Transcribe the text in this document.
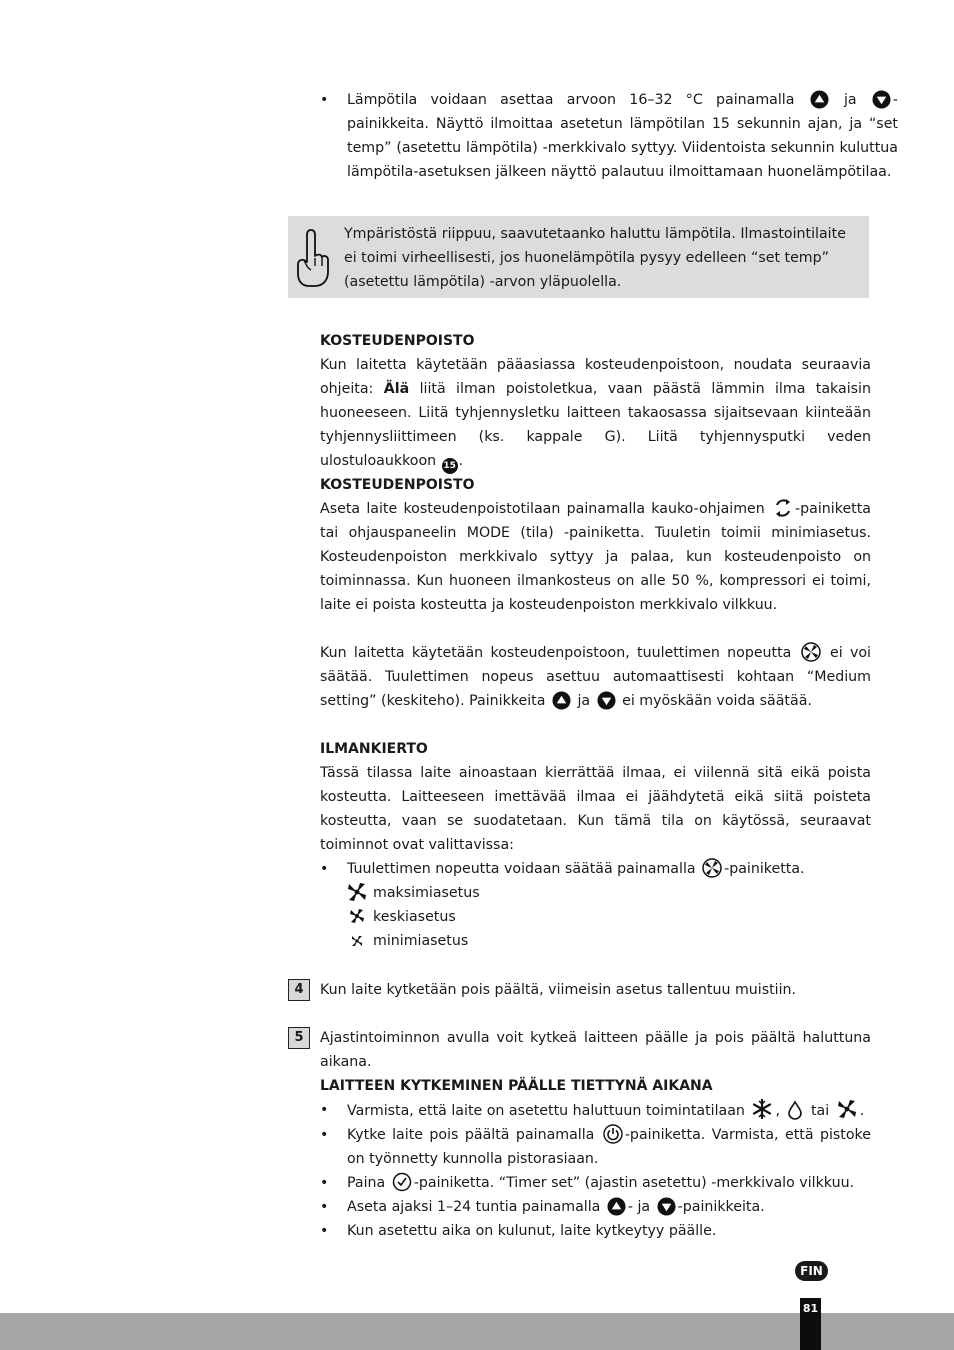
• Lämpötila voidaan asettaa arvoon 16–32 °C painamalla  ja -painikkeita. Näyttö ilmoittaa asetetun lämpötilan 15 sekunnin ajan, ja “set temp” (asetettu lämpötila) -merkkivalo syttyy. Viidentoista sekunnin kuluttua lämpötila-asetuksen jälkeen näyttö palautuu ilmoittamaan huonelämpötilaa.
Ympäristöstä riippuu, saavutetaanko haluttu lämpötila. Ilmastointilaite ei toimi virheellisesti, jos huonelämpötila pysyy edelleen “set temp” (asetettu lämpötila) -arvon yläpuolella.
KOSTEUDENPOISTO

Kun laitetta käytetään pääasiassa kosteudenpoistoon, noudata seuraavia ohjeita: Älä liitä ilman poistoletkua, vaan päästä lämmin ilma takaisin huoneeseen. Liitä tyhjennysletku laitteen takaosassa sijaitsevaan kiinteään tyhjennysliittimeen (ks. kappale G). Liitä tyhjennysputki veden ulostuloaukkoon 15 .

KOSTEUDENPOISTO

Aseta laite kosteudenpoistotilaan painamalla kauko-ohjaimen -painiketta tai ohjauspaneelin MODE (tila) -painiketta. Tuuletin toimii minimiasetus. Kosteudenpoiston merkkivalo syttyy ja palaa, kun kosteudenpoisto on toiminnassa. Kun huoneen ilmankosteus on alle 50 %, kompressori ei toimi, laite ei poista kosteutta ja kosteudenpoiston merkkivalo vilkkuu.

Kun laitetta käytetään kosteudenpoistoon, tuulettimen nopeutta  ei voi säätää. Tuulettimen nopeus asettuu automaattisesti kohtaan “Medium setting” (keskiteho). Painikkeita  ja  ei myöskään voida säätää.
ILMANKIERTO

Tässä tilassa laite ainoastaan kierrättää ilmaa, ei viilennä sitä eikä poista kosteutta. Laitteeseen imettävää ilmaa ei jäähdytetä eikä siitä poisteta kosteutta, vaan se suodatetaan. Kun tämä tila on käytössä, seuraavat toiminnot ovat valittavissa:

• Tuulettimen nopeutta voidaan säätää painamalla -painiketta.
maksimiasetus
keskiasetus
minimiasetus
4	Kun laite kytketään pois päältä, viimeisin asetus tallentuu muistiin.
5	Ajastintoiminnon avulla voit kytkeä laitteen päälle ja pois päältä haluttuna aikana.

LAITTEEN KYTKEMINEN PÄÄLLE TIETTYNÄ AIKANA
• Varmista, että laite on asetettu haluttuun toimintatilaan ,  tai .
• Kytke laite pois päältä painamalla -painiketta. Varmista, että pistoke on työnnetty kunnolla pistorasiaan.
• Paina -painiketta. “Timer set” (ajastin asetettu) -merkkivalo vilkkuu.
• Aseta ajaksi 1–24 tuntia painamalla - ja -painikkeita.
• Kun asetettu aika on kulunut, laite kytkeytyy päälle.
FIN
81
